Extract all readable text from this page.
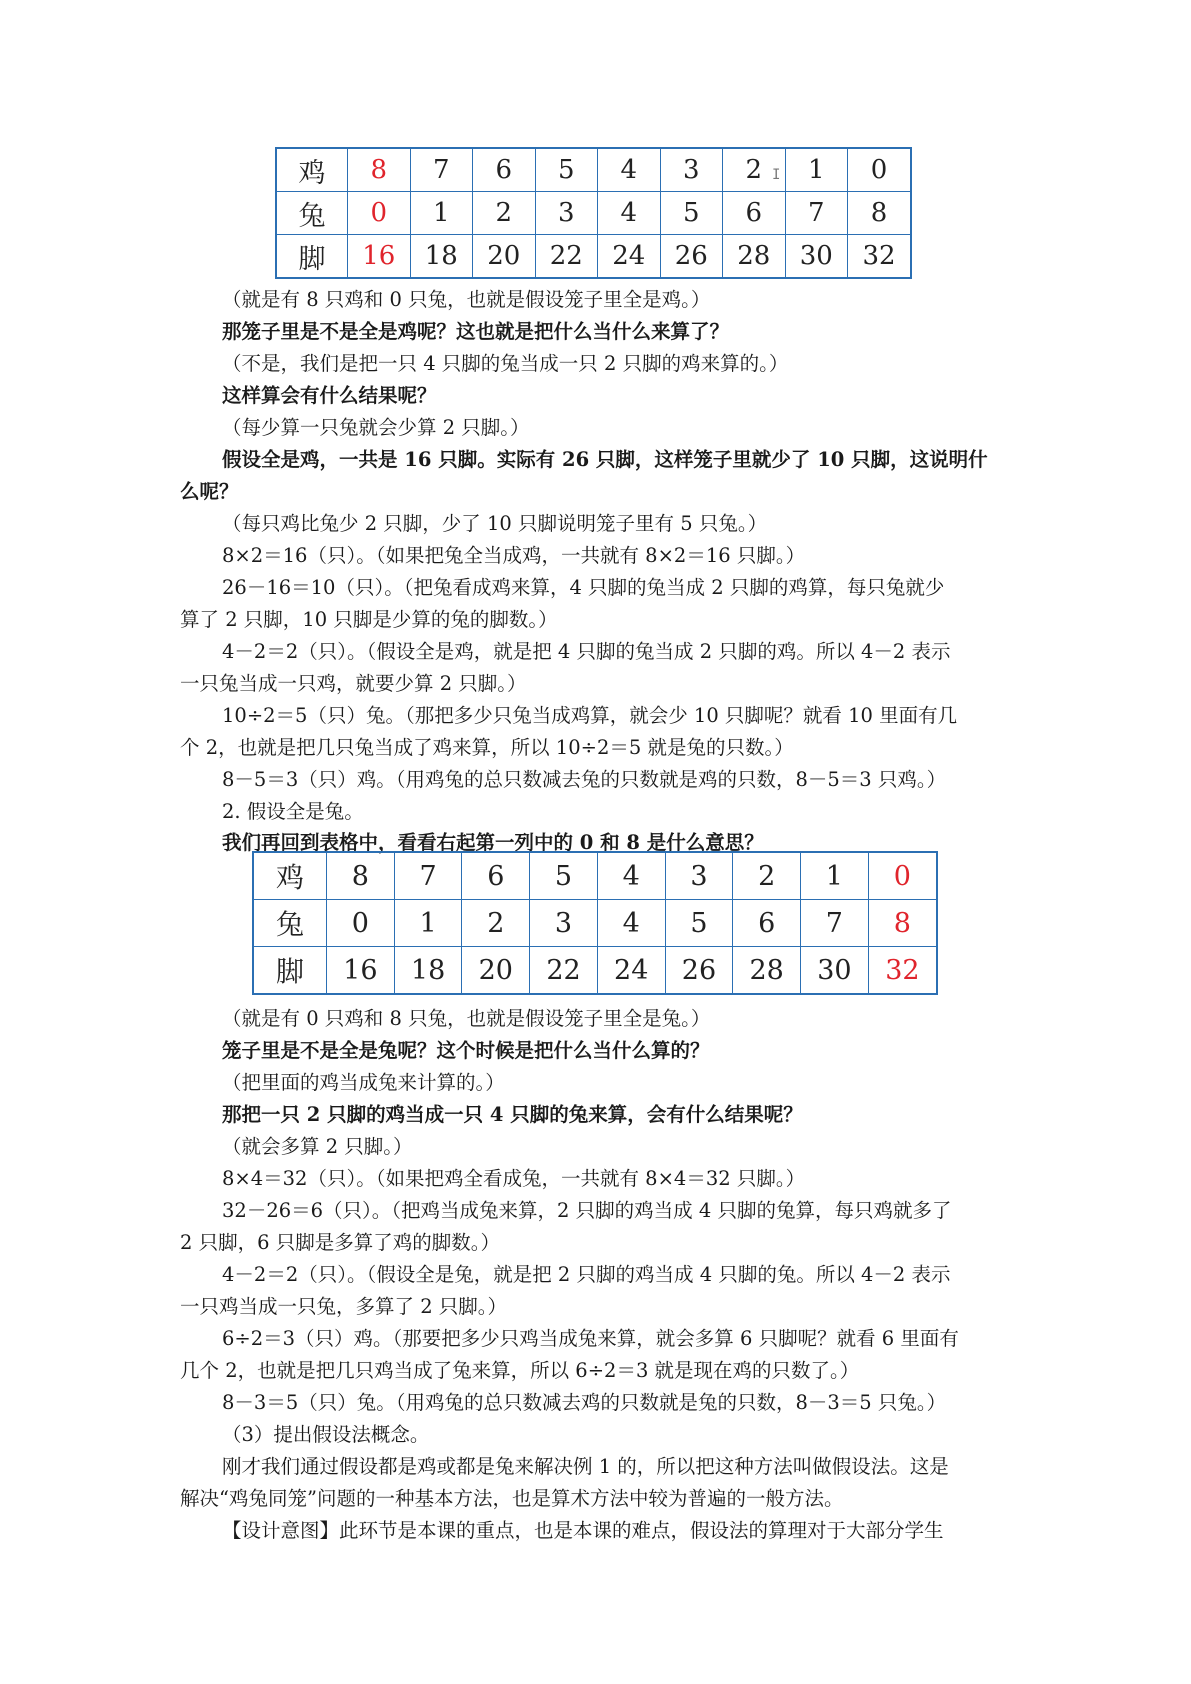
鸡	8	7	6	5	4	3	2	1	0
兔	0	1	2	3	4	5	6	7	8
脚	16	18	20	22	24	26	28	30	32
I
（就是有 8 只鸡和 0 只兔，也就是假设笼子里全是鸡。）
那笼子里是不是全是鸡呢？这也就是把什么当什么来算了？
（不是，我们是把一只 4 只脚的兔当成一只 2 只脚的鸡来算的。）
这样算会有什么结果呢？
（每少算一只兔就会少算 2 只脚。）
假设全是鸡，一共是 16 只脚。实际有 26 只脚，这样笼子里就少了 10 只脚，这说明什
么呢？
（每只鸡比兔少 2 只脚，少了 10 只脚说明笼子里有 5 只兔。）
8×2＝16（只）。（如果把兔全当成鸡，一共就有 8×2＝16 只脚。）
26－16＝10（只）。（把兔看成鸡来算，4 只脚的兔当成 2 只脚的鸡算，每只兔就少
算了 2 只脚，10 只脚是少算的兔的脚数。）
4－2＝2（只）。（假设全是鸡，就是把 4 只脚的兔当成 2 只脚的鸡。所以 4－2 表示
一只兔当成一只鸡，就要少算 2 只脚。）
10÷2＝5（只）兔。（那把多少只兔当成鸡算，就会少 10 只脚呢？就看 10 里面有几
个 2，也就是把几只兔当成了鸡来算，所以 10÷2＝5 就是兔的只数。）
8－5＝3（只）鸡。（用鸡兔的总只数减去兔的只数就是鸡的只数，8－5＝3 只鸡。）
2. 假设全是兔。
我们再回到表格中，看看右起第一列中的 0 和 8 是什么意思？
鸡	8	7	6	5	4	3	2	1	0
兔	0	1	2	3	4	5	6	7	8
脚	16	18	20	22	24	26	28	30	32
（就是有 0 只鸡和 8 只兔，也就是假设笼子里全是兔。）
笼子里是不是全是兔呢？这个时候是把什么当什么算的？
（把里面的鸡当成兔来计算的。）
那把一只 2 只脚的鸡当成一只 4 只脚的兔来算，会有什么结果呢？
（就会多算 2 只脚。）
8×4＝32（只）。（如果把鸡全看成兔，一共就有 8×4＝32 只脚。）
32－26＝6（只）。（把鸡当成兔来算，2 只脚的鸡当成 4 只脚的兔算，每只鸡就多了
2 只脚，6 只脚是多算了鸡的脚数。）
4－2＝2（只）。（假设全是兔，就是把 2 只脚的鸡当成 4 只脚的兔。所以 4－2 表示
一只鸡当成一只兔，多算了 2 只脚。）
6÷2＝3（只）鸡。（那要把多少只鸡当成兔来算，就会多算 6 只脚呢？就看 6 里面有
几个 2，也就是把几只鸡当成了兔来算，所以 6÷2＝3 就是现在鸡的只数了。）
8－3＝5（只）兔。（用鸡兔的总只数减去鸡的只数就是兔的只数，8－3＝5 只兔。）
（3）提出假设法概念。
刚才我们通过假设都是鸡或都是兔来解决例 1 的，所以把这种方法叫做假设法。这是
解决“鸡兔同笼”问题的一种基本方法，也是算术方法中较为普遍的一般方法。
【设计意图】此环节是本课的重点，也是本课的难点，假设法的算理对于大部分学生
